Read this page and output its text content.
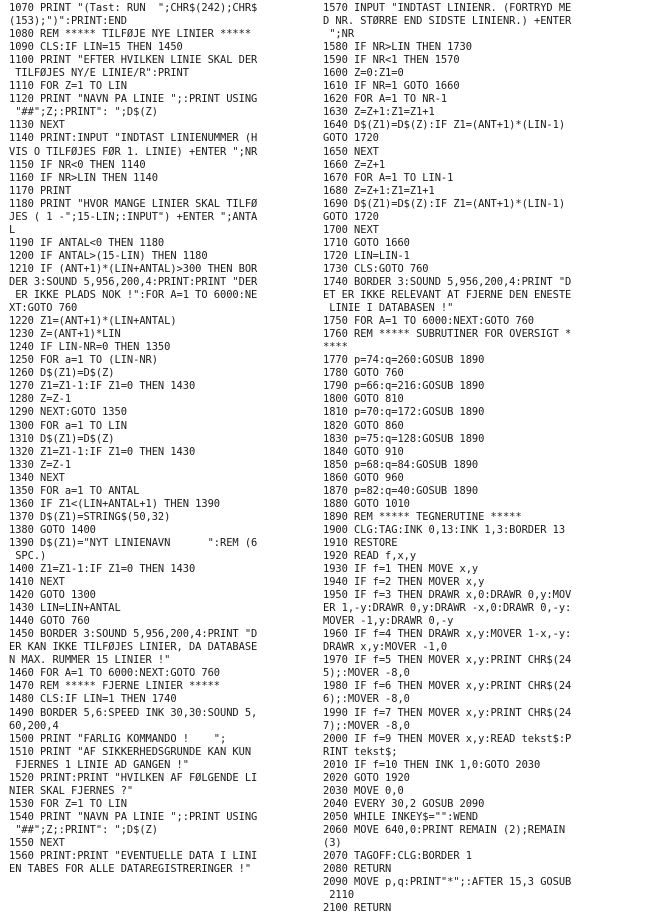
1070 PRINT "(Tast: RUN  ";CHR$(242);CHR$
(153);")":PRINT:END
1080 REM ***** TILFØJE NYE LINIER *****
1090 CLS:IF LIN=15 THEN 1450
1100 PRINT "EFTER HVILKEN LINIE SKAL DER
TILFØJES NY/E LINIE/R":PRINT
1110 FOR Z=1 TO LIN
1120 PRINT "NAVN PA LINIE ";:PRINT USING
"##";Z;:PRINT": ";D$(Z)
1130 NEXT
1140 PRINT:INPUT "INDTAST LINIENUMMER (H
VIS O TILFØJES FØR 1. LINIE) +ENTER ";NR
1150 IF NR<0 THEN 1140
1160 IF NR>LIN THEN 1140
1170 PRINT
1180 PRINT "HVOR MANGE LINIER SKAL TILFØ
JES ( 1 -";15-LIN;:INPUT") +ENTER ";ANTA
L
1190 IF ANTAL<0 THEN 1180
1200 IF ANTAL>(15-LIN) THEN 1180
1210 IF (ANT+1)*(LIN+ANTAL)>300 THEN BOR
DER 3:SOUND 5,956,200,4:PRINT:PRINT "DER
ER IKKE PLADS NOK !":FOR A=1 TO 6000:NE
XT:GOTO 760
1220 Z1=(ANT+1)*(LIN+ANTAL)
1230 Z=(ANT+1)*LIN
1240 IF LIN-NR=0 THEN 1350
1250 FOR a=1 TO (LIN-NR)
1260 D$(Z1)=D$(Z)
1270 Z1=Z1-1:IF Z1=0 THEN 1430
1280 Z=Z-1
1290 NEXT:GOTO 1350
1300 FOR a=1 TO LIN
1310 D$(Z1)=D$(Z)
1320 Z1=Z1-1:IF Z1=0 THEN 1430
1330 Z=Z-1
1340 NEXT
1350 FOR a=1 TO ANTAL
1360 IF Z1<(LIN+ANTAL+1) THEN 1390
1370 D$(Z1)=STRING$(50,32)
1380 GOTO 1400
1390 D$(Z1)="NYT LINIENAVN      ":REM (6
SPC.)
1400 Z1=Z1-1:IF Z1=0 THEN 1430
1410 NEXT
1420 GOTO 1300
1430 LIN=LIN+ANTAL
1440 GOTO 760
1450 BORDER 3:SOUND 5,956,200,4:PRINT "D
ER KAN IKKE TILFØJES LINIER, DA DATABASE
N MAX. RUMMER 15 LINIER !"
1460 FOR A=1 TO 6000:NEXT:GOTO 760
1470 REM ***** FJERNE LINIER *****
1480 CLS:IF LIN=1 THEN 1740
1490 BORDER 5,6:SPEED INK 30,30:SOUND 5,
60,200,4
1500 PRINT "FARLIG KOMMANDO !    ";
1510 PRINT "AF SIKKERHEDSGRUNDE KAN KUN
FJERNES 1 LINIE AD GANGEN !"
1520 PRINT:PRINT "HVILKEN AF FØLGENDE LI
NIER SKAL FJERNES ?"
1530 FOR Z=1 TO LIN
1540 PRINT "NAVN PA LINIE ";:PRINT USING
"##";Z;:PRINT": ";D$(Z)
1550 NEXT
1560 PRINT:PRINT "EVENTUELLE DATA I LINI
EN TABES FOR ALLE DATAREGISTRERINGER !"
1570 INPUT "INDTAST LINIENR. (FORTRYD ME
D NR. STØRRE END SIDSTE LINIENR.) +ENTER
";NR
1580 IF NR>LIN THEN 1730
1590 IF NR<1 THEN 1570
1600 Z=0:Z1=0
1610 IF NR=1 GOTO 1660
1620 FOR A=1 TO NR-1
1630 Z=Z+1:Z1=Z1+1
1640 D$(Z1)=D$(Z):IF Z1=(ANT+1)*(LIN-1)
GOTO 1720
1650 NEXT
1660 Z=Z+1
1670 FOR A=1 TO LIN-1
1680 Z=Z+1:Z1=Z1+1
1690 D$(Z1)=D$(Z):IF Z1=(ANT+1)*(LIN-1)
GOTO 1720
1700 NEXT
1710 GOTO 1660
1720 LIN=LIN-1
1730 CLS:GOTO 760
1740 BORDER 3:SOUND 5,956,200,4:PRINT "D
ET ER IKKE RELEVANT AT FJERNE DEN ENESTE
LINIE I DATABASEN !"
1750 FOR A=1 TO 6000:NEXT:GOTO 760
1760 REM ***** SUBRUTINER FOR OVERSIGT *
****
1770 p=74:q=260:GOSUB 1890
1780 GOTO 760
1790 p=66:q=216:GOSUB 1890
1800 GOTO 810
1810 p=70:q=172:GOSUB 1890
1820 GOTO 860
1830 p=75:q=128:GOSUB 1890
1840 GOTO 910
1850 p=68:q=84:GOSUB 1890
1860 GOTO 960
1870 p=82:q=40:GOSUB 1890
1880 GOTO 1010
1890 REM ***** TEGNERUTINE *****
1900 CLG:TAG:INK 0,13:INK 1,3:BORDER 13
1910 RESTORE
1920 READ f,x,y
1930 IF f=1 THEN MOVE x,y
1940 IF f=2 THEN MOVER x,y
1950 IF f=3 THEN DRAWR x,0:DRAWR 0,y:MOV
ER 1,-y:DRAWR 0,y:DRAWR -x,0:DRAWR 0,-y:
MOVER -1,y:DRAWR 0,-y
1960 IF f=4 THEN DRAWR x,y:MOVER 1-x,-y:
DRAWR x,y:MOVER -1,0
1970 IF f=5 THEN MOVER x,y:PRINT CHR$(24
5);:MOVER -8,0
1980 IF f=6 THEN MOVER x,y:PRINT CHR$(24
6);:MOVER -8,0
1990 IF f=7 THEN MOVER x,y:PRINT CHR$(24
7);:MOVER -8,0
2000 IF f=9 THEN MOVER x,y:READ tekst$:P
RINT tekst$;
2010 IF f=10 THEN INK 1,0:GOTO 2030
2020 GOTO 1920
2030 MOVE 0,0
2040 EVERY 30,2 GOSUB 2090
2050 WHILE INKEY$="":WEND
2060 MOVE 640,0:PRINT REMAIN (2);REMAIN
(3)
2070 TAGOFF:CLG:BORDER 1
2080 RETURN
2090 MOVE p,q:PRINT"*";:AFTER 15,3 GOSUB
2110
2100 RETURN
